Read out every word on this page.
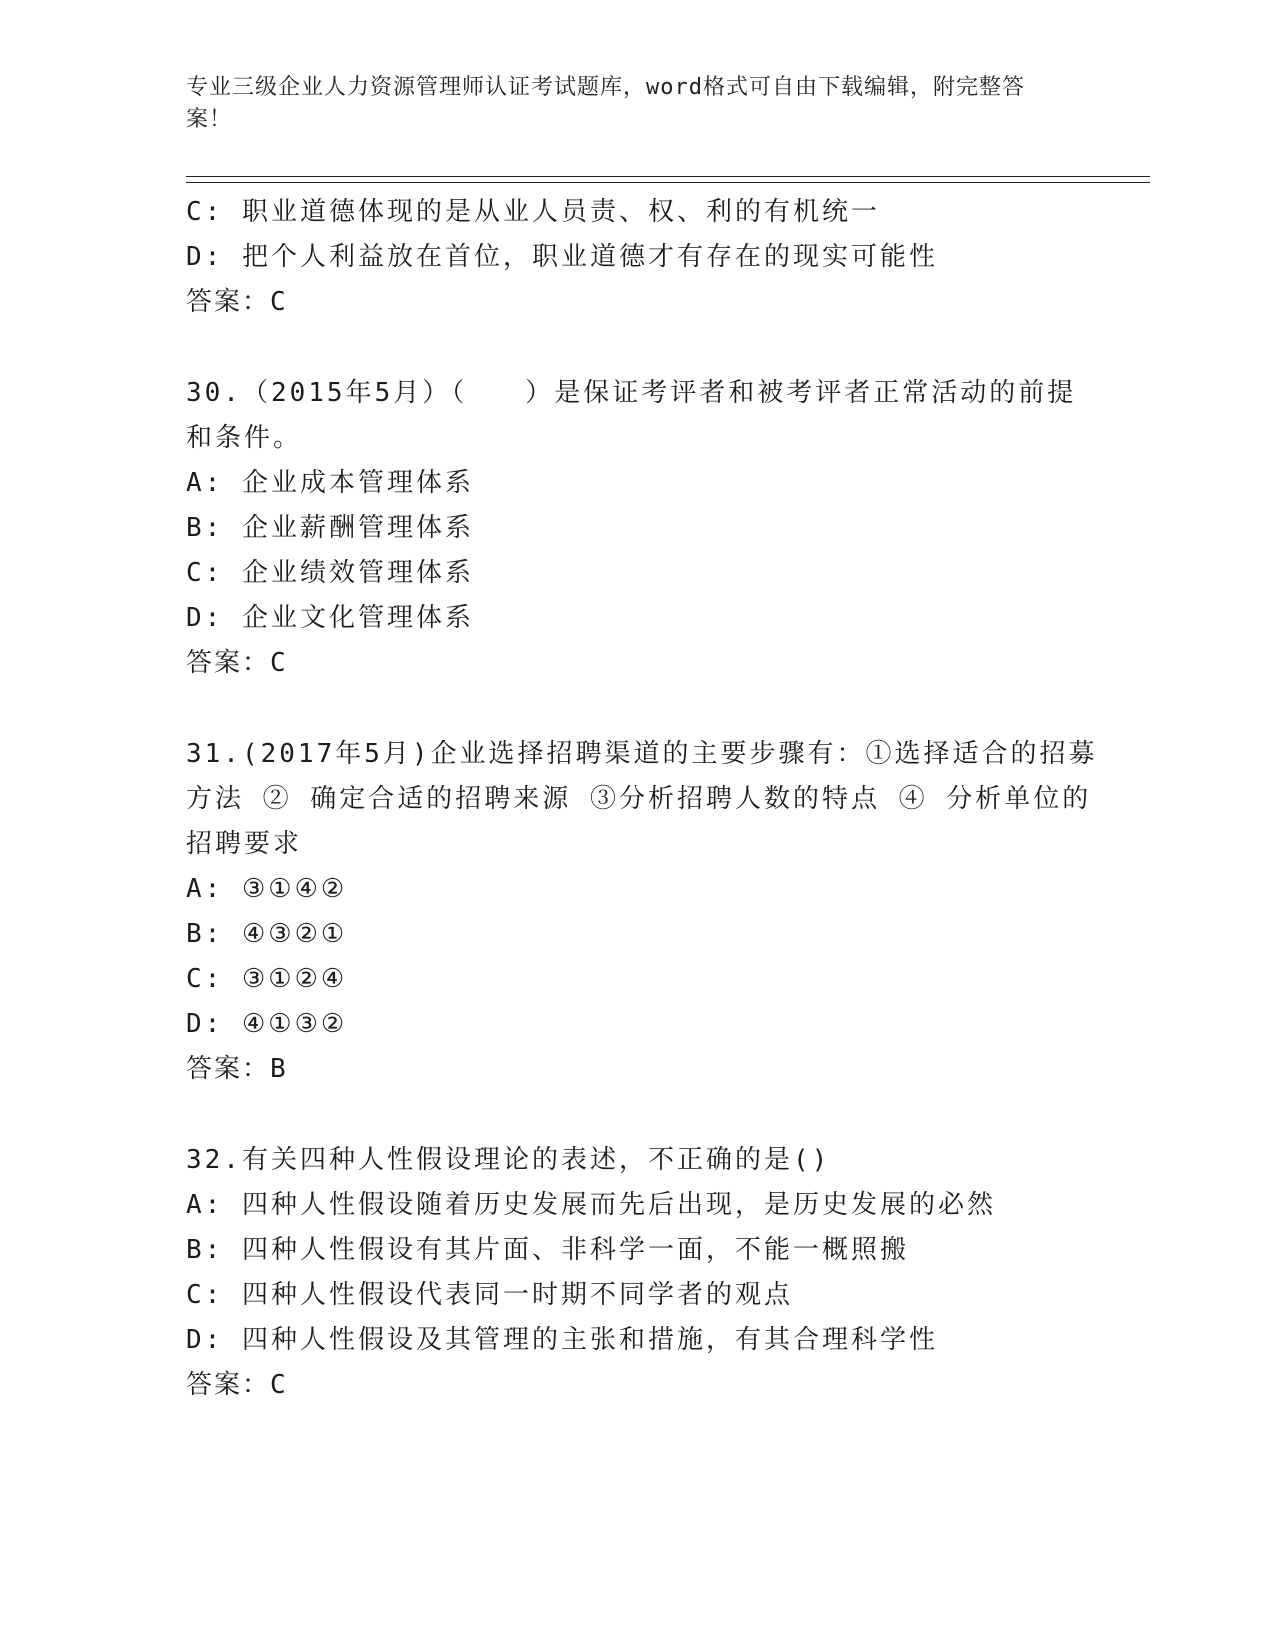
专业三级企业人力资源管理师认证考试题库，word格式可自由下载编辑，附完整答案！
C: 职业道德体现的是从业人员责、权、利的有机统一
D: 把个人利益放在首位，职业道德才有存在的现实可能性
答案：C
30.（2015年5月）（　　）是保证考评者和被考评者正常活动的前提
和条件。
A: 企业成本管理体系
B: 企业薪酬管理体系
C: 企业绩效管理体系
D: 企业文化管理体系
答案：C
31.(2017年5月)企业选择招聘渠道的主要步骤有：①选择适合的招募
方法 ② 确定合适的招聘来源 ③分析招聘人数的特点 ④ 分析单位的
招聘要求
A: ③①④②
B: ④③②①
C: ③①②④
D: ④①③②
答案：B
32.有关四种人性假设理论的表述，不正确的是()
A: 四种人性假设随着历史发展而先后出现，是历史发展的必然
B: 四种人性假设有其片面、非科学一面，不能一概照搬
C: 四种人性假设代表同一时期不同学者的观点
D: 四种人性假设及其管理的主张和措施，有其合理科学性
答案：C
